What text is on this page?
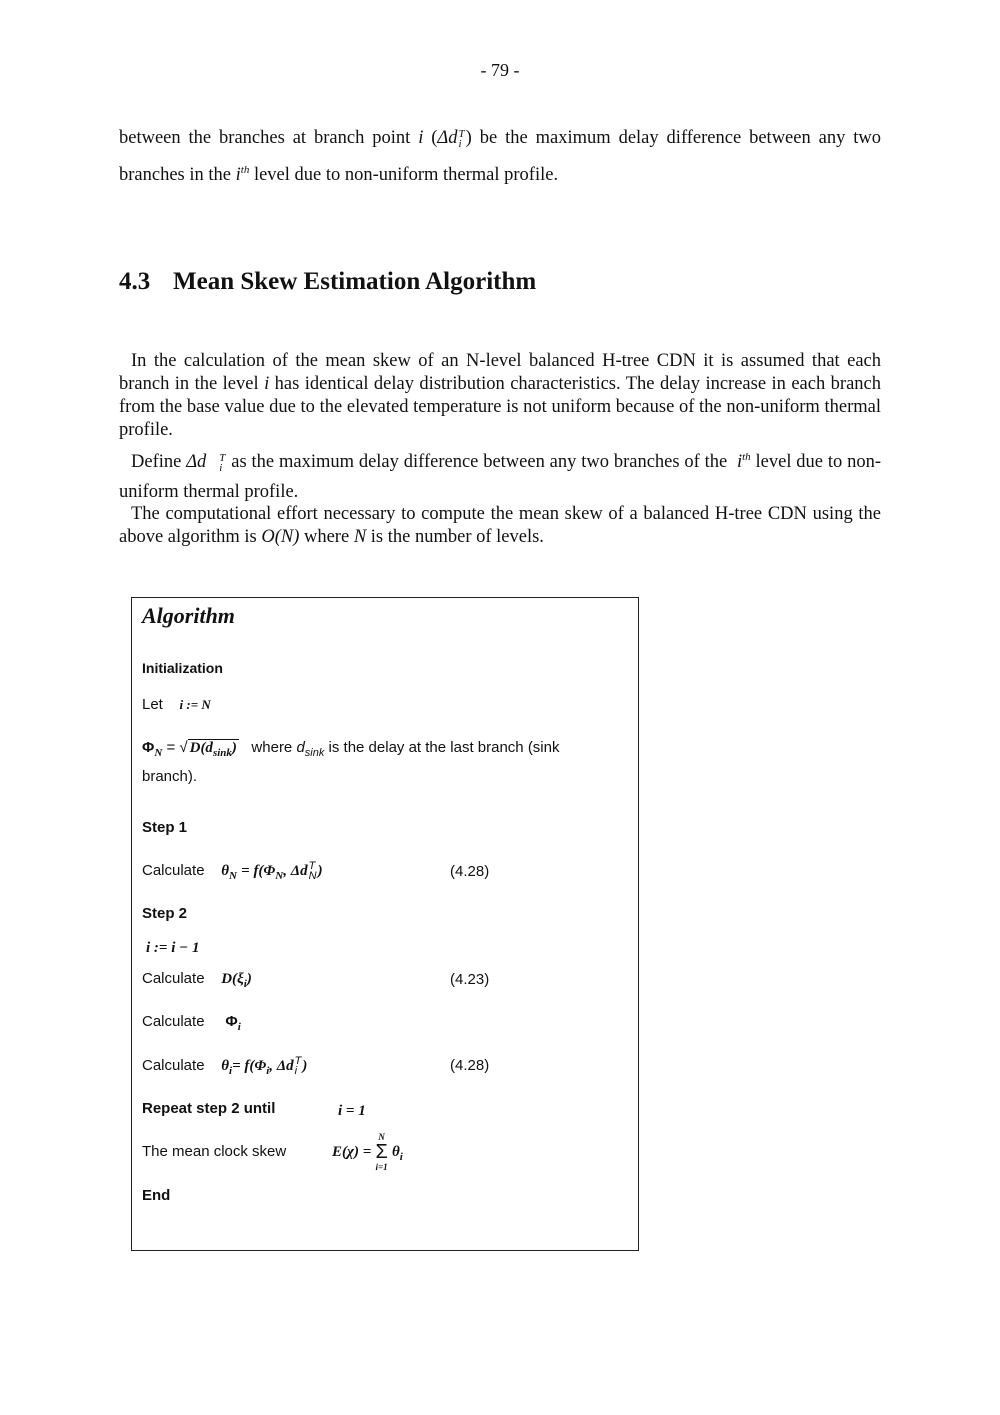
- 79 -

between the branches at branch point i (Δd T
i ) be the maximum delay difference between any two branches in the $i^{th}$ level due to non-uniform thermal profile.

4.3 Mean Skew Estimation Algorithm

In the calculation of the mean skew of an N-level balanced H-tree CDN it is assumed that each branch in the level i has identical delay distribution characteristics. The delay increase in each branch from the base value due to the elevated temperature is not uniform because of the non-uniform thermal profile.

Define Δd	T
i as the maximum delay difference between any two branches of the $i^{th}$ level due to non-uniform thermal profile.

The computational effort necessary to compute the mean skew of a balanced H-tree CDN using the above algorithm is O(N) where N is the number of levels.

Algorithm
Initialization
Let i := N
$\Phi_N$ = √ $D(d_{sink})$ where $d_{sink}$ is the delay at the last branch (sink
branch).
Step 1
Calculate $\theta_N = f(\Phi_N$, Δd T
N )	(4.28)
Step 2
i := i − 1
Calculate $D(\xi_i)$	(4.23)
Calculate $\Phi_i$
Calculate $\theta_i= f(\Phi_i$, Δd T
i )	(4.28)
Repeat step 2 until	i = 1
The mean clock skew	E(χ) =
N
Σ
i=1
$\theta_i$
End
